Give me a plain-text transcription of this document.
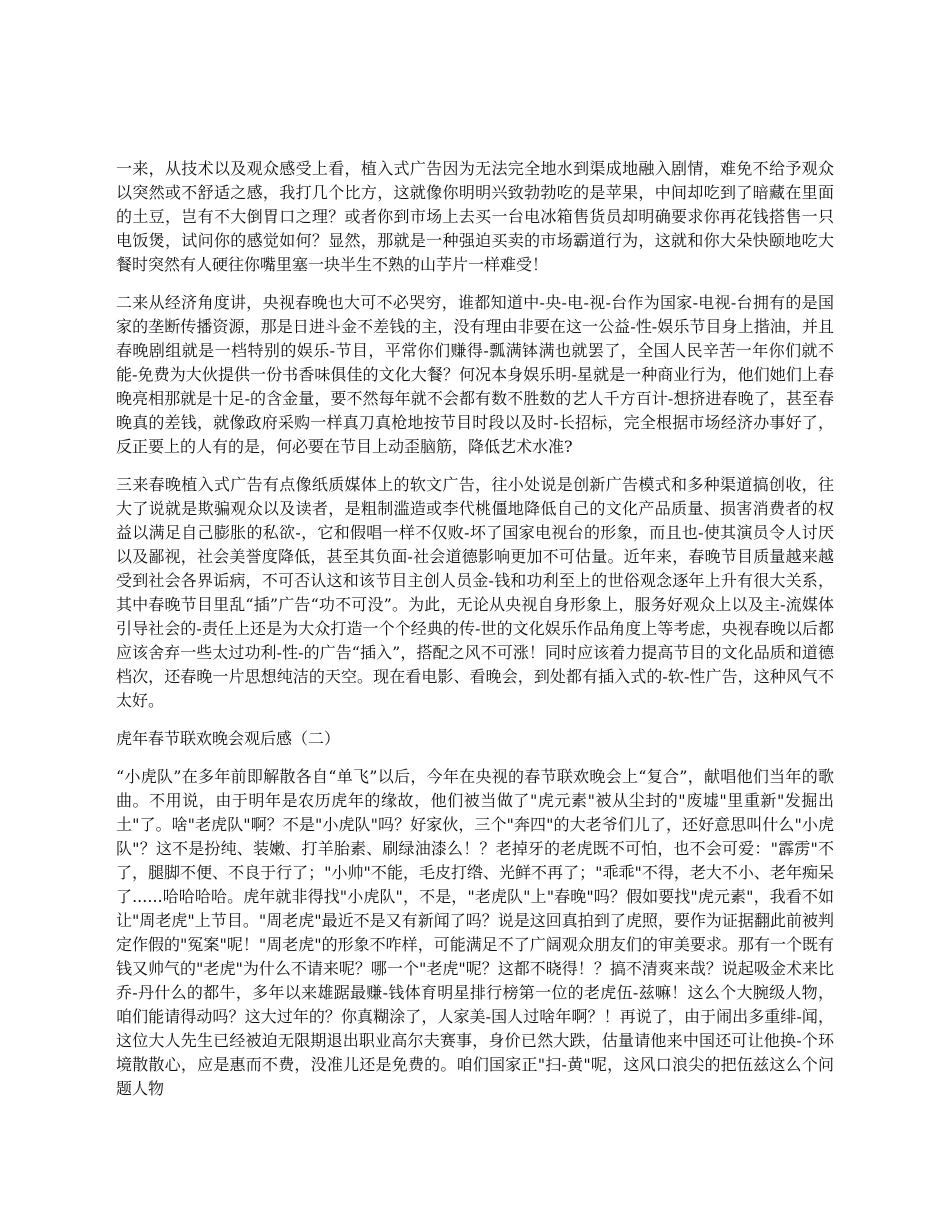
一来，从技术以及观众感受上看，植入式广告因为无法完全地水到渠成地融入剧情，难免不给予观众以突然或不舒适之感，我打几个比方，这就像你明明兴致勃勃吃的是苹果，中间却吃到了暗藏在里面的土豆，岂有不大倒胃口之理？或者你到市场上去买一台电冰箱售货员却明确要求你再花钱搭售一只电饭煲，试问你的感觉如何？显然，那就是一种强迫买卖的市场霸道行为，这就和你大朵快颐地吃大餐时突然有人硬往你嘴里塞一块半生不熟的山芋片一样难受！

二来从经济角度讲，央视春晚也大可不必哭穷，谁都知道中-央-电-视-台作为国家-电视-台拥有的是国家的垄断传播资源，那是日进斗金不差钱的主，没有理由非要在这一公益-性-娱乐节目身上揩油，并且春晚剧组就是一档特别的娱乐-节目，平常你们赚得-瓢满钵满也就罢了，全国人民辛苦一年你们就不能-免费为大伙提供一份书香味俱佳的文化大餐？何况本身娱乐明-星就是一种商业行为，他们她们上春晚亮相那就是十足-的含金量，要不然每年就不会都有数不胜数的艺人千方百计-想挤进春晚了，甚至春晚真的差钱，就像政府采购一样真刀真枪地按节目时段以及时-长招标，完全根据市场经济办事好了，反正要上的人有的是，何必要在节目上动歪脑筋，降低艺术水准?

三来春晚植入式广告有点像纸质媒体上的软文广告，往小处说是创新广告模式和多种渠道搞创收，往大了说就是欺骗观众以及读者，是粗制滥造或李代桃僵地降低自己的文化产品质量、损害消费者的权益以满足自己膨胀的私欲-，它和假唱一样不仅败-坏了国家电视台的形象，而且也-使其演员令人讨厌以及鄙视，社会美誉度降低，甚至其负面-社会道德影响更加不可估量。近年来，春晚节目质量越来越受到社会各界诟病，不可否认这和该节目主创人员金-钱和功利至上的世俗观念逐年上升有很大关系，其中春晚节目里乱“插”广告“功不可没”。为此，无论从央视自身形象上，服务好观众上以及主-流媒体引导社会的-责任上还是为大众打造一个个经典的传-世的文化娱乐作品角度上等考虑，央视春晚以后都应该舍弃一些太过功利-性-的广告“插入”，搭配之风不可涨！同时应该着力提高节目的文化品质和道德档次，还春晚一片思想纯洁的天空。现在看电影、看晚会，到处都有插入式的-软-性广告，这种风气不太好。

虎年春节联欢晚会观后感（二）

“小虎队”在多年前即解散各自“单飞”以后，今年在央视的春节联欢晚会上“复合”，献唱他们当年的歌曲。不用说，由于明年是农历虎年的缘故，他们被当做了"虎元素"被从尘封的"废墟"里重新"发掘出土"了。啥"老虎队"啊？不是"小虎队"吗？好家伙，三个"奔四"的大老爷们儿了，还好意思叫什么"小虎队"？这不是扮纯、装嫩、打羊胎素、刷绿油漆么！？老掉牙的老虎既不可怕，也不会可爱："霹雳"不了，腿脚不便、不良于行了；"小帅"不能，毛皮打绺、光鲜不再了；"乖乖"不得，老大不小、老年痴呆了......哈哈哈哈。虎年就非得找"小虎队"，不是，"老虎队"上"春晚"吗？假如要找"虎元素"，我看不如让"周老虎"上节目。"周老虎"最近不是又有新闻了吗？说是这回真拍到了虎照，要作为证据翻此前被判定作假的"冤案"呢！"周老虎"的形象不咋样，可能满足不了广阔观众朋友们的审美要求。那有一个既有钱又帅气的"老虎"为什么不请来呢？哪一个"老虎"呢？这都不晓得！？搞不清爽来哉？说起吸金术来比乔-丹什么的都牛，多年以来雄踞最赚-钱体育明星排行榜第一位的老虎伍-兹嘛！这么个大腕级人物，咱们能请得动吗？这大过年的？你真糊涂了，人家美-国人过啥年啊？！再说了，由于闹出多重绯-闻，这位大人先生已经被迫无限期退出职业高尔夫赛事，身价已然大跌，估量请他来中国还可让他换-个环境散散心，应是惠而不费，没准儿还是免费的。咱们国家正"扫-黄"呢，这风口浪尖的把伍兹这么个问题人物
